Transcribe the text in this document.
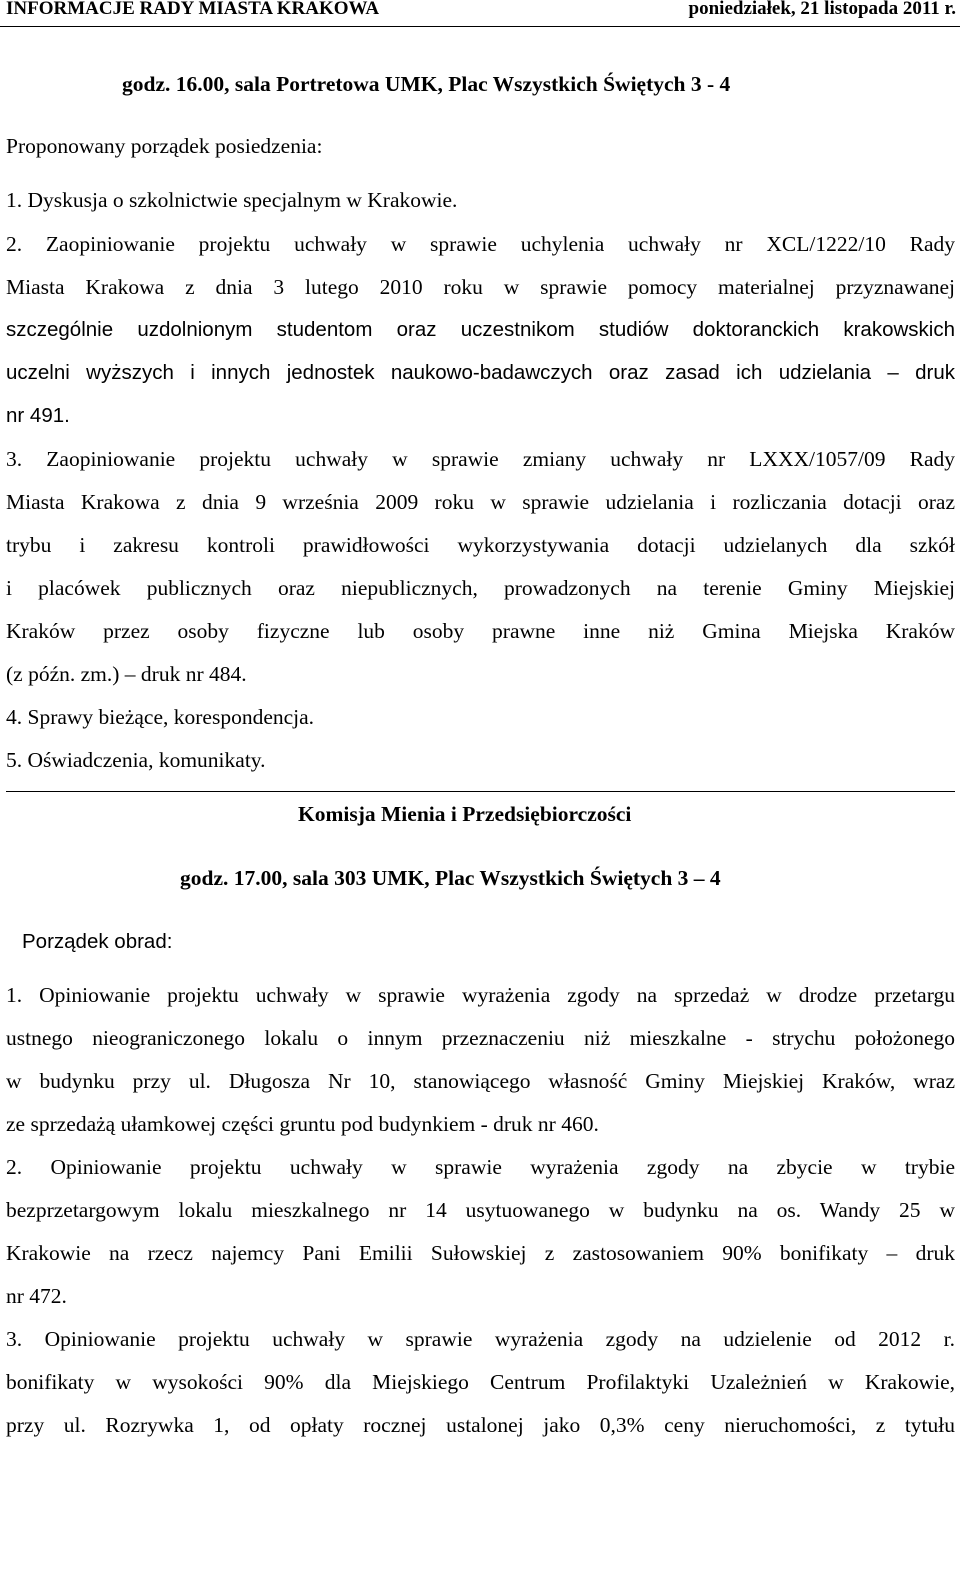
INFORMACJE RADY MIASTA KRAKOWA	poniedziałek, 21 listopada 2011 r.
godz. 16.00, sala Portretowa UMK, Plac Wszystkich Świętych 3 - 4
Proponowany porządek posiedzenia:
1. Dyskusja o szkolnictwie specjalnym w Krakowie.
2. Zaopiniowanie projektu uchwały w sprawie uchylenia uchwały nr XCL/1222/10 Rady
Miasta Krakowa z dnia 3 lutego 2010 roku w sprawie pomocy materialnej przyznawanej
szczególnie uzdolnionym studentom oraz uczestnikom studiów doktoranckich krakowskich
uczelni wyższych i innych jednostek naukowo-badawczych oraz zasad ich udzielania – druk
nr 491.
3. Zaopiniowanie projektu uchwały w sprawie zmiany uchwały nr LXXX/1057/09 Rady
Miasta Krakowa z dnia 9 września 2009 roku w sprawie udzielania i rozliczania dotacji oraz
trybu i zakresu kontroli prawidłowości wykorzystywania dotacji udzielanych dla szkół
i placówek publicznych oraz niepublicznych, prowadzonych na terenie Gminy Miejskiej
Kraków przez osoby fizyczne lub osoby prawne inne niż Gmina Miejska Kraków
(z późn. zm.) – druk nr 484.
4. Sprawy bieżące, korespondencja.
5. Oświadczenia, komunikaty.
Komisja Mienia i Przedsiębiorczości
godz. 17.00, sala 303 UMK, Plac Wszystkich Świętych 3 – 4
Porządek obrad:
1. Opiniowanie projektu uchwały w sprawie wyrażenia zgody na sprzedaż w drodze przetargu
ustnego nieograniczonego lokalu o innym przeznaczeniu niż mieszkalne - strychu położonego
w budynku przy ul. Długosza Nr 10, stanowiącego własność Gminy Miejskiej Kraków, wraz
ze sprzedażą ułamkowej części gruntu pod budynkiem - druk nr 460.
2. Opiniowanie projektu uchwały w sprawie wyrażenia zgody na zbycie w trybie
bezprzetargowym lokalu mieszkalnego nr 14 usytuowanego w budynku na os. Wandy 25 w
Krakowie na rzecz najemcy Pani Emilii Sułowskiej z zastosowaniem 90% bonifikaty – druk
nr 472.
3. Opiniowanie projektu uchwały w sprawie wyrażenia zgody na udzielenie od 2012 r.
bonifikaty w wysokości 90% dla Miejskiego Centrum Profilaktyki Uzależnień w Krakowie,
przy ul. Rozrywka 1, od opłaty rocznej ustalonej jako 0,3% ceny nieruchomości, z tytułu
